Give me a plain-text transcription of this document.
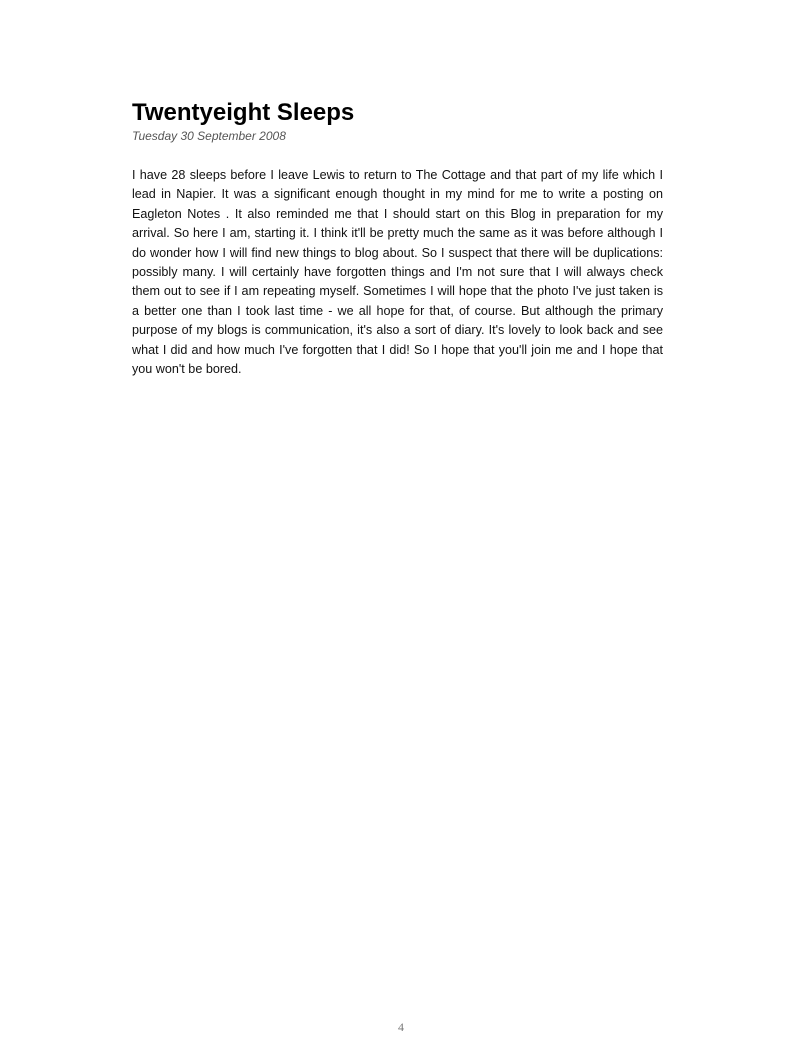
Twentyeight Sleeps
Tuesday 30 September 2008

I have 28 sleeps before I leave Lewis to return to The Cottage and that part of my life which I lead in Napier. It was a significant enough thought in my mind for me to write a posting on Eagleton Notes . It also reminded me that I should start on this Blog in preparation for my arrival. So here I am, starting it. I think it'll be pretty much the same as it was before although I do wonder how I will find new things to blog about. So I suspect that there will be duplications: possibly many. I will certainly have forgotten things and I'm not sure that I will always check them out to see if I am repeating myself. Sometimes I will hope that the photo I've just taken is a better one than I took last time - we all hope for that, of course. But although the primary purpose of my blogs is communication, it's also a sort of diary. It's lovely to look back and see what I did and how much I've forgotten that I did! So I hope that you'll join me and I hope that you won't be bored.

4
